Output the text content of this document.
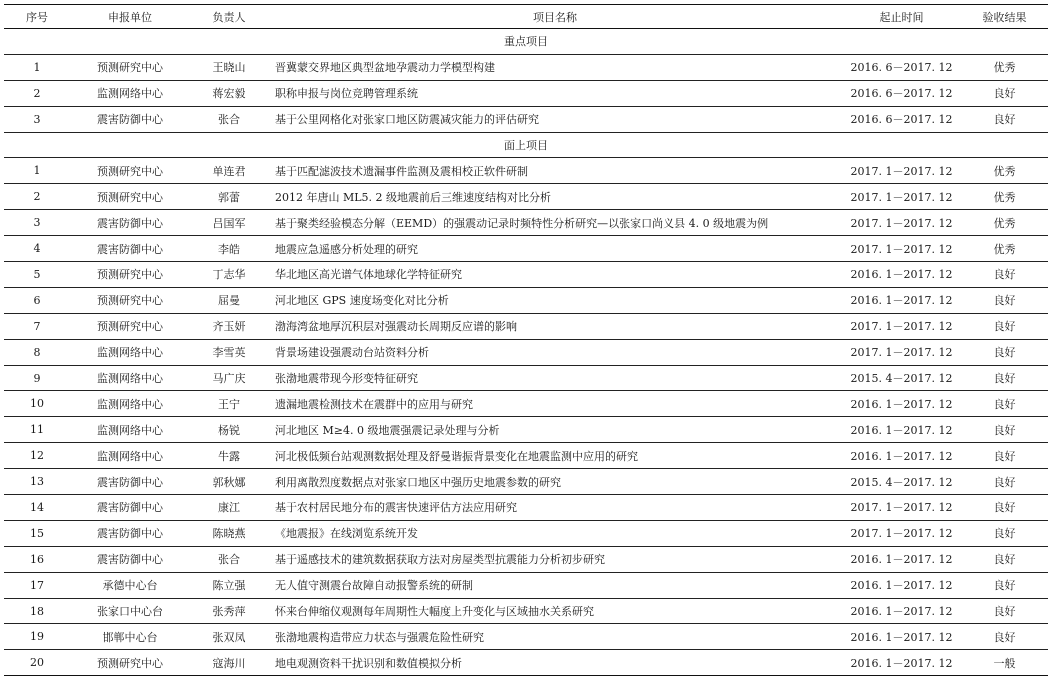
序号	申报单位	负责人	项目名称	起止时间	验收结果
重点项目					
1	预测研究中心	王晓山	晋冀蒙交界地区典型盆地孕震动力学模型构建	2016. 6－2017. 12	优秀
2	监测网络中心	蒋宏毅	职称申报与岗位竞聘管理系统	2016. 6－2017. 12	良好
3	震害防御中心	张合	基于公里网格化对张家口地区防震减灾能力的评估研究	2016. 6－2017. 12	良好
面上项目					
1	预测研究中心	单连君	基于匹配滤波技术遗漏事件监测及震相校正软件研制	2017. 1－2017. 12	优秀
2	预测研究中心	郭蕾	2012 年唐山 ML5. 2 级地震前后三维速度结构对比分析	2017. 1－2017. 12	优秀
3	震害防御中心	吕国军	基于聚类经验模态分解（EEMD）的强震动记录时频特性分析研究—以张家口尚义县 4. 0 级地震为例	2017. 1－2017. 12	优秀
4	震害防御中心	李皓	地震应急遥感分析处理的研究	2017. 1－2017. 12	优秀
5	预测研究中心	丁志华	华北地区高光谱气体地球化学特征研究	2016. 1－2017. 12	良好
6	预测研究中心	屈曼	河北地区 GPS 速度场变化对比分析	2016. 1－2017. 12	良好
7	预测研究中心	齐玉妍	渤海湾盆地厚沉积层对强震动长周期反应谱的影响	2017. 1－2017. 12	良好
8	监测网络中心	李雪英	背景场建设强震动台站资料分析	2017. 1－2017. 12	良好
9	监测网络中心	马广庆	张渤地震带现今形变特征研究	2015. 4－2017. 12	良好
10	监测网络中心	王宁	遗漏地震检测技术在震群中的应用与研究	2016. 1－2017. 12	良好
11	监测网络中心	杨锐	河北地区 M≥4. 0 级地震强震记录处理与分析	2016. 1－2017. 12	良好
12	监测网络中心	牛露	河北极低频台站观测数据处理及舒曼谐振背景变化在地震监测中应用的研究	2016. 1－2017. 12	良好
13	震害防御中心	郭秋娜	利用离散烈度数据点对张家口地区中强历史地震参数的研究	2015. 4－2017. 12	良好
14	震害防御中心	康江	基于农村居民地分布的震害快速评估方法应用研究	2017. 1－2017. 12	良好
15	震害防御中心	陈晓燕	《地震报》在线浏览系统开发	2017. 1－2017. 12	良好
16	震害防御中心	张合	基于遥感技术的建筑数据获取方法对房屋类型抗震能力分析初步研究	2016. 1－2017. 12	良好
17	承德中心台	陈立强	无人值守测震台故障自动报警系统的研制	2016. 1－2017. 12	良好
18	张家口中心台	张秀萍	怀来台伸缩仪观测每年周期性大幅度上升变化与区域抽水关系研究	2016. 1－2017. 12	良好
19	邯郸中心台	张双凤	张渤地震构造带应力状态与强震危险性研究	2016. 1－2017. 12	良好
20	预测研究中心	寇海川	地电观测资料干扰识别和数值模拟分析	2016. 1－2017. 12	一般
